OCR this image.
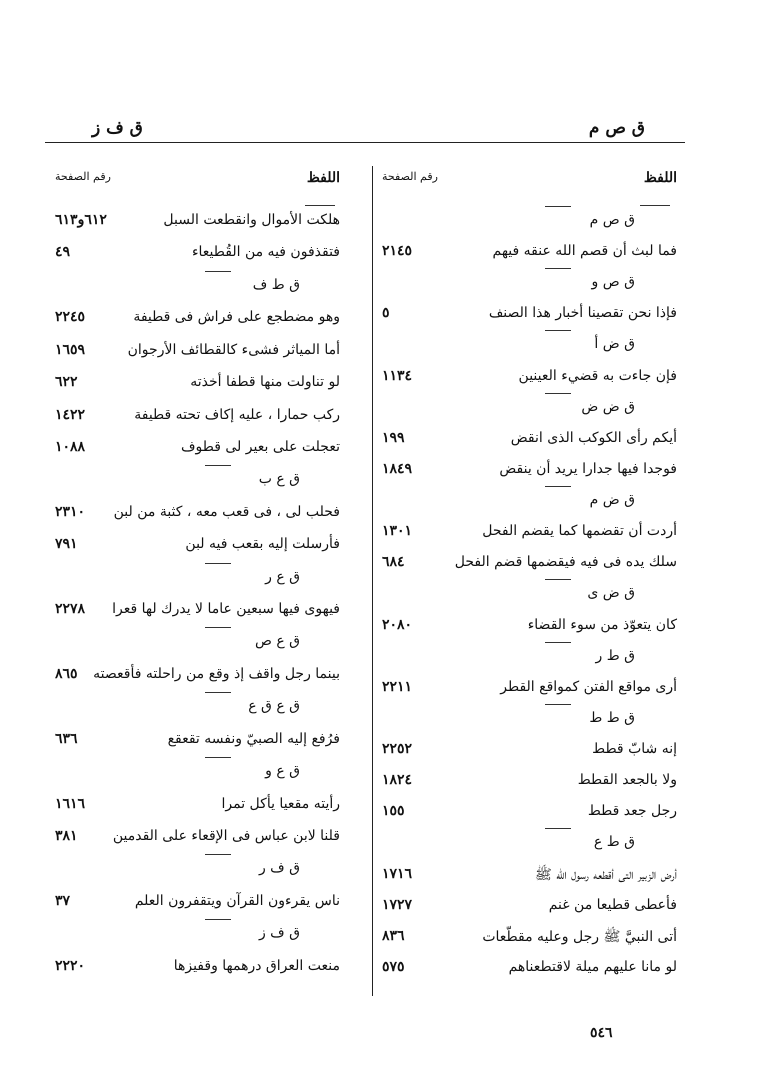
ق ص م
ق ف ز
اللفظ
رقم الصفحة
اللفظ
رقم الصفحة
ق ص م
فما لبث أن قصم الله عنقه فيهم
٢١٤٥
ق ص و
فإذا نحن تقصينا أخبار هذا الصنف
٥
ق ض أ
فإن جاءت به قضيء العينين
١١٣٤
ق ض ض
أيكم رأى الكوكب الذى انقض
١٩٩
فوجدا فيها جدارا يريد أن ينقض
١٨٤٩
ق ض م
أردت أن تقضمها كما يقضم الفحل
١٣٠١
سلك يده فى فيه فيقضمها قضم الفحل
٦٨٤
ق ض ى
كان يتعوّذ من سوء القضاء
٢٠٨٠
ق ط ر
أرى مواقع الفتن كمواقع القطر
٢٢١١
ق ط ط
إنه شابّ قطط
٢٢٥٢
ولا بالجعد القطط
١٨٢٤
رجل جعد قطط
١٥٥
ق ط ع
أرض الزبير التى أقطعه رسول الله ﷺ
١٧١٦
فأعطى قطيعا من غنم
١٧٢٧
أتى النبيَّ ﷺ رجل وعليه مقطّعات
٨٣٦
لو مانا عليهم ميلة لاقتطعناهم
٥٧٥
هلكت الأموال وانقطعت السبل
٦١٢و٦١٣
فتقذفون فيه من القُطيعاء
٤٩
ق ط ف
وهو مضطجع على فراش فى قطيفة
٢٢٤٥
أما المياثر فشىء كالقطائف الأرجوان
١٦٥٩
لو تناولت منها قطفا أخذته
٦٢٢
ركب حمارا ، عليه إكاف تحته قطيفة
١٤٢٢
تعجلت على بعير لى قطوف
١٠٨٨
ق ع ب
فحلب لى ، فى قعب معه ، كثبة من لبن
٢٣١٠
فأرسلت إليه بقعب فيه لبن
٧٩١
ق ع ر
فيهوى فيها سبعين عاما لا يدرك لها قعرا
٢٢٧٨
ق ع ص
بينما رجل واقف إذ وقع من راحلته فأقعصته
٨٦٥
ق ع ق ع
فرُفع إليه الصبيّ ونفسه تقعقع
٦٣٦
ق ع و
رأيته مقعيا يأكل تمرا
١٦١٦
قلنا لابن عباس فى الإقعاء على القدمين
٣٨١
ق ف ر
ناس يقرءون القرآن ويتقفرون العلم
٣٧
ق ف ز
منعت العراق درهمها وقفيزها
٢٢٢٠
٥٤٦
